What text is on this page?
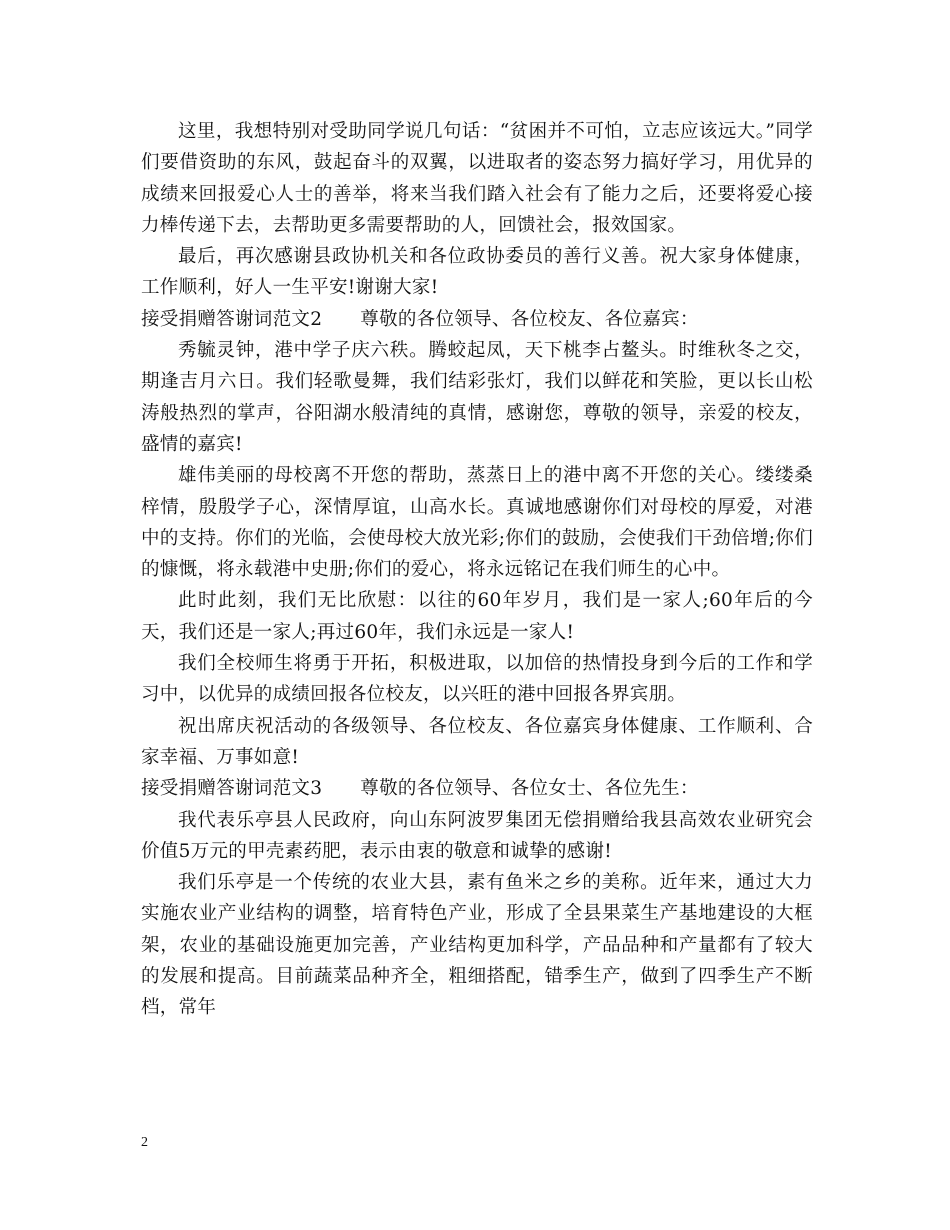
这里，我想特别对受助同学说几句话：“贫困并不可怕，立志应该远大。”同学们要借资助的东风，鼓起奋斗的双翼，以进取者的姿态努力搞好学习，用优异的成绩来回报爱心人士的善举，将来当我们踏入社会有了能力之后，还要将爱心接力棒传递下去，去帮助更多需要帮助的人，回馈社会，报效国家。

最后，再次感谢县政协机关和各位政协委员的善行义善。祝大家身体健康，工作顺利，好人一生平安!谢谢大家!

接受捐赠答谢词范文2 尊敬的各位领导、各位校友、各位嘉宾：

秀毓灵钟，港中学子庆六秩。腾蛟起凤，天下桃李占鳌头。时维秋冬之交，期逢吉月六日。我们轻歌曼舞，我们结彩张灯，我们以鲜花和笑脸，更以长山松涛般热烈的掌声，谷阳湖水般清纯的真情，感谢您，尊敬的领导，亲爱的校友，盛情的嘉宾!

雄伟美丽的母校离不开您的帮助，蒸蒸日上的港中离不开您的关心。缕缕桑梓情，殷殷学子心，深情厚谊，山高水长。真诚地感谢你们对母校的厚爱，对港中的支持。你们的光临，会使母校大放光彩;你们的鼓励，会使我们干劲倍增;你们的慷慨，将永载港中史册;你们的爱心，将永远铭记在我们师生的心中。

此时此刻，我们无比欣慰：以往的60年岁月，我们是一家人;60年后的今天，我们还是一家人;再过60年，我们永远是一家人!

我们全校师生将勇于开拓，积极进取，以加倍的热情投身到今后的工作和学习中，以优异的成绩回报各位校友，以兴旺的港中回报各界宾朋。

祝出席庆祝活动的各级领导、各位校友、各位嘉宾身体健康、工作顺利、合家幸福、万事如意!

接受捐赠答谢词范文3 尊敬的各位领导、各位女士、各位先生：

我代表乐亭县人民政府，向山东阿波罗集团无偿捐赠给我县高效农业研究会价值5万元的甲壳素药肥，表示由衷的敬意和诚挚的感谢!

我们乐亭是一个传统的农业大县，素有鱼米之乡的美称。近年来，通过大力实施农业产业结构的调整，培育特色产业，形成了全县果菜生产基地建设的大框架，农业的基础设施更加完善，产业结构更加科学，产品品种和产量都有了较大的发展和提高。目前蔬菜品种齐全，粗细搭配，错季生产，做到了四季生产不断档，常年

2
